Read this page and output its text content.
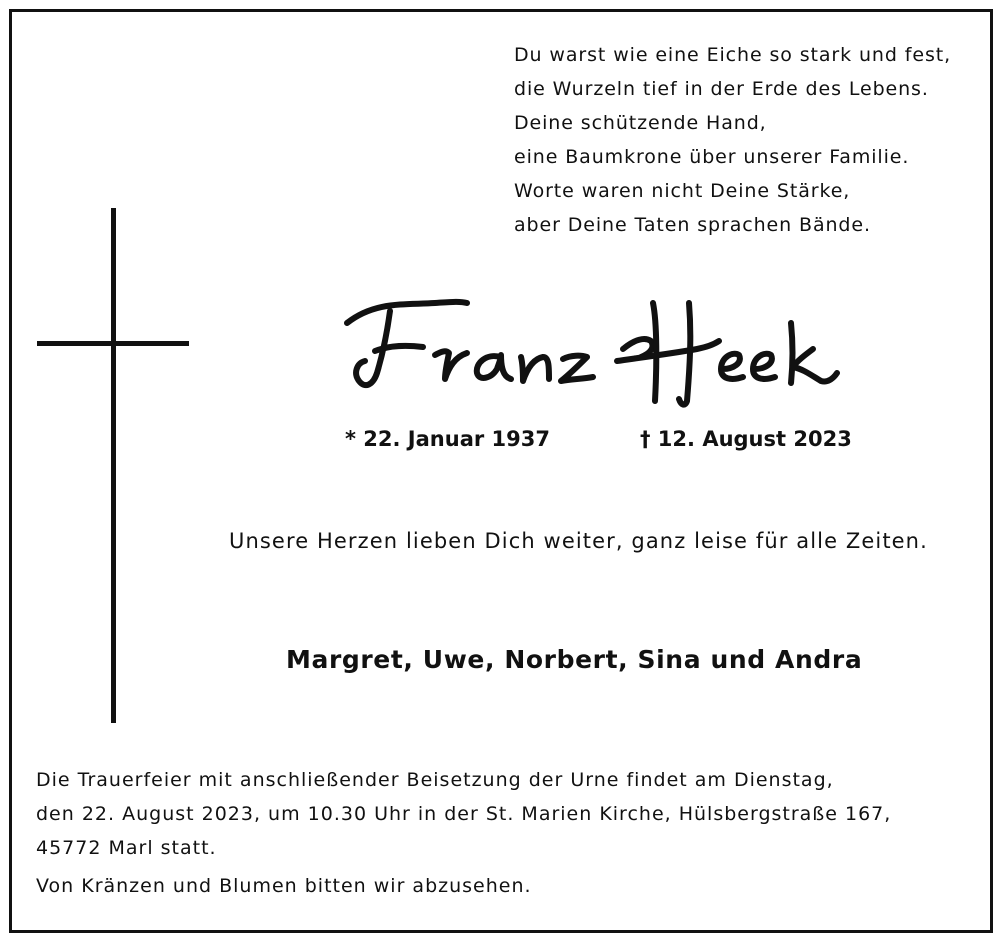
Du warst wie eine Eiche so stark und fest,
die Wurzeln tief in der Erde des Lebens.
Deine schützende Hand,
eine Baumkrone über unserer Familie.
Worte waren nicht Deine Stärke,
aber Deine Taten sprachen Bände.
* 22. Januar 1937	† 12. August 2023
Unsere Herzen lieben Dich weiter, ganz leise für alle Zeiten.
Margret, Uwe, Norbert, Sina und Andra
Die Trauerfeier mit anschließender Beisetzung der Urne findet am Dienstag,
den 22. August 2023, um 10.30 Uhr in der St. Marien Kirche, Hülsbergstraße 167,
45772 Marl statt.
Von Kränzen und Blumen bitten wir abzusehen.
